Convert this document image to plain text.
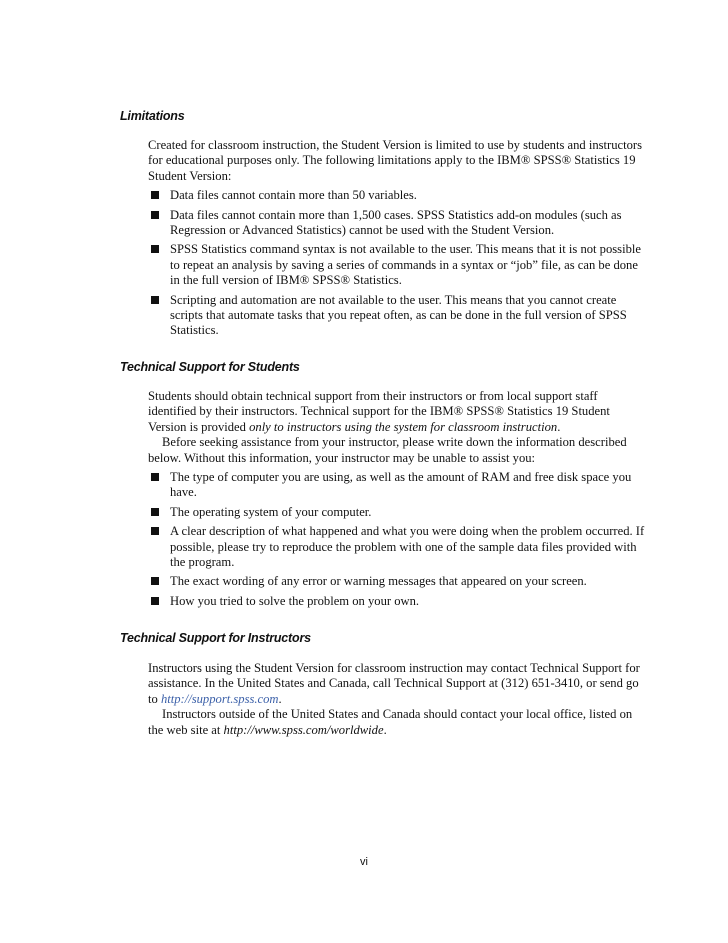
Limitations

Created for classroom instruction, the Student Version is limited to use by students and instructors for educational purposes only. The following limitations apply to the IBM® SPSS® Statistics 19 Student Version:

Data files cannot contain more than 50 variables.
Data files cannot contain more than 1,500 cases. SPSS Statistics add-on modules (such as Regression or Advanced Statistics) cannot be used with the Student Version.
SPSS Statistics command syntax is not available to the user. This means that it is not possible to repeat an analysis by saving a series of commands in a syntax or “job” file, as can be done in the full version of IBM® SPSS® Statistics.
Scripting and automation are not available to the user. This means that you cannot create scripts that automate tasks that you repeat often, as can be done in the full version of SPSS Statistics.
Technical Support for Students

Students should obtain technical support from their instructors or from local support staff identified by their instructors. Technical support for the IBM® SPSS® Statistics 19 Student Version is provided only to instructors using the system for classroom instruction.

Before seeking assistance from your instructor, please write down the information described below. Without this information, your instructor may be unable to assist you:

The type of computer you are using, as well as the amount of RAM and free disk space you have.
The operating system of your computer.
A clear description of what happened and what you were doing when the problem occurred. If possible, please try to reproduce the problem with one of the sample data files provided with the program.
The exact wording of any error or warning messages that appeared on your screen.
How you tried to solve the problem on your own.
Technical Support for Instructors

Instructors using the Student Version for classroom instruction may contact Technical Support for assistance. In the United States and Canada, call Technical Support at (312) 651-3410, or send go to http://support.spss.com.

Instructors outside of the United States and Canada should contact your local office, listed on the web site at http://www.spss.com/worldwide.

vi
